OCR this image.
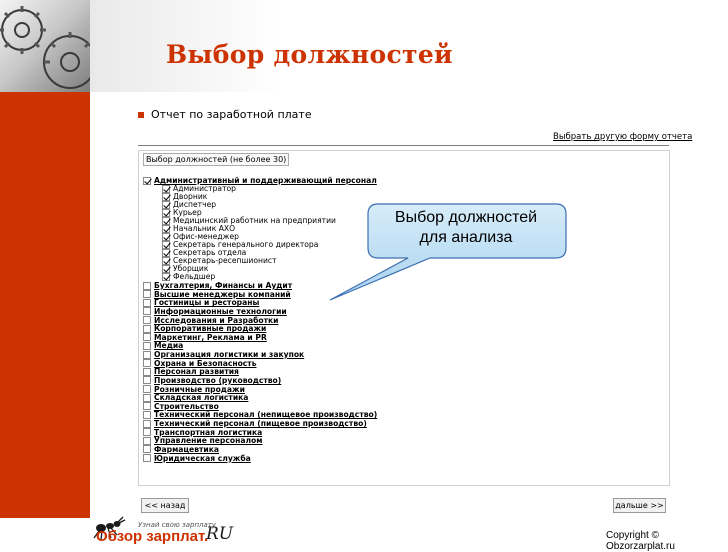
Выбор должностей
Отчет по заработной плате
Выбрать другую форму отчета
Выбор должностей (не более 30)
Административный и поддерживающий персонал
Администратор
Дворник
Диспетчер
Курьер
Медицинский работник на предприятии
Начальник АХО
Офис-менеджер
Секретарь генерального директора
Секретарь отдела
Секретарь-ресепшионист
Уборщик
Фельдшер
Бухгалтерия, Финансы и Аудит
Высшие менеджеры компаний
Гостиницы и рестораны
Информационные технологии
Исследования и Разработки
Корпоративные продажи
Маркетинг, Реклама и PR
Медиа
Организация логистики и закупок
Охрана и Безопасность
Персонал развития
Производство (руководство)
Розничные продажи
Складская логистика
Строительство
Технический персонал (непищевое производство)
Технический персонал (пищевое производство)
Транспортная логистика
Управление персоналом
Фармацевтика
Юридическая служба
Выбор должностей
для анализа
<< назад	дальше >>
Узнай свою зарплату
Обзор зарплат.
RU	Copyright © Obzorzarplat.ru
